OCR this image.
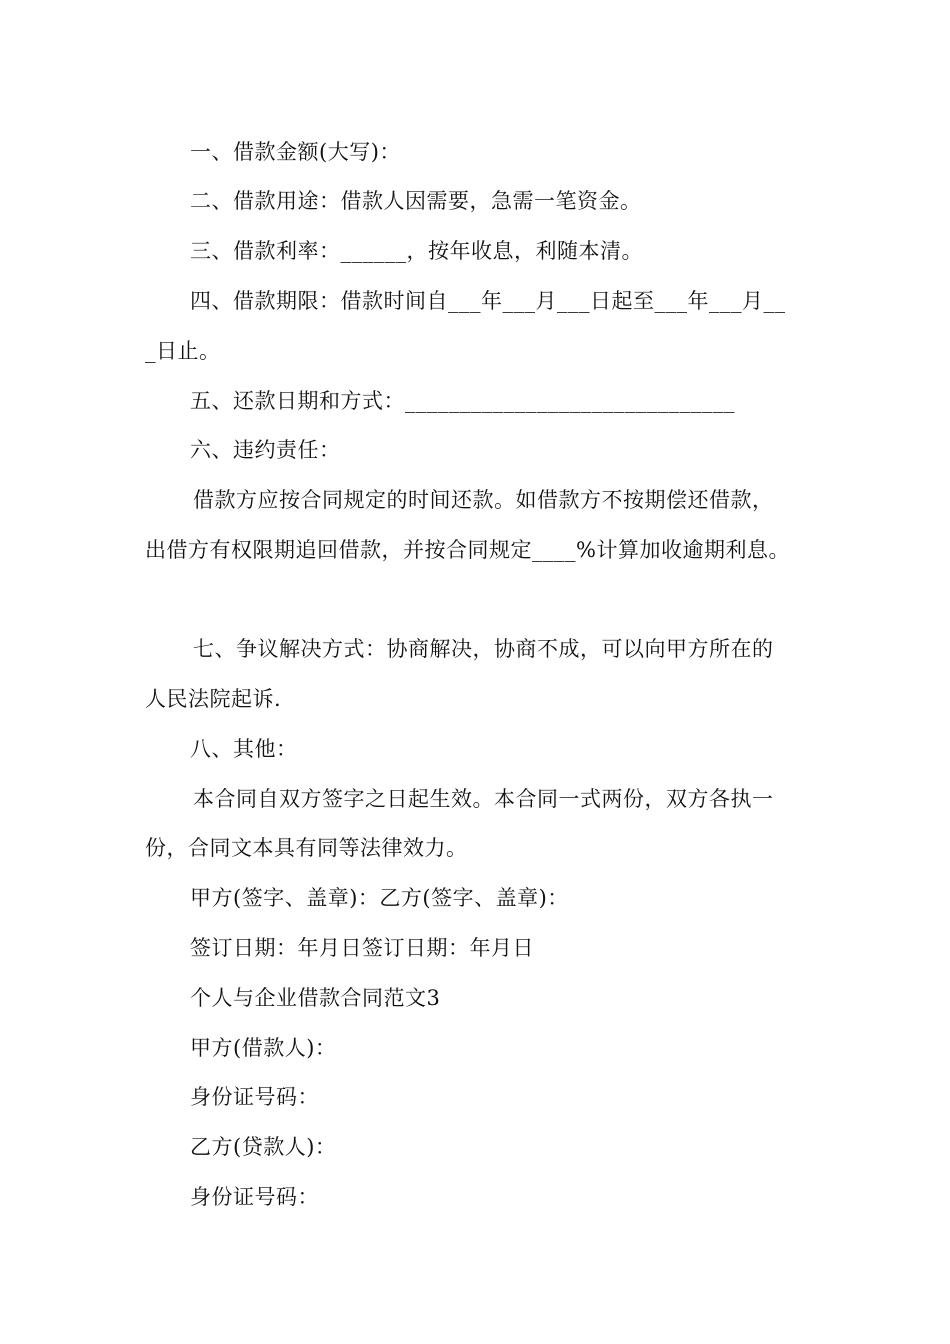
一、借款金额(大写)：
二、借款用途：借款人因需要，急需一笔资金。
三、借款利率：______，按年收息，利随本清。
四、借款期限：借款时间自___年___月___日起至___年___月__
_日止。
五、还款日期和方式：______________________________
六、违约责任：
借款方应按合同规定的时间还款。如借款方不按期偿还借款，
出借方有权限期追回借款，并按合同规定____%计算加收逾期利息。
七、争议解决方式：协商解决，协商不成，可以向甲方所在的
人民法院起诉.
八、其他：
本合同自双方签字之日起生效。本合同一式两份，双方各执一
份，合同文本具有同等法律效力。
甲方(签字、盖章)：乙方(签字、盖章)：
签订日期：年月日签订日期：年月日
个人与企业借款合同范文3
甲方(借款人)：
身份证号码：
乙方(贷款人)：
身份证号码：
